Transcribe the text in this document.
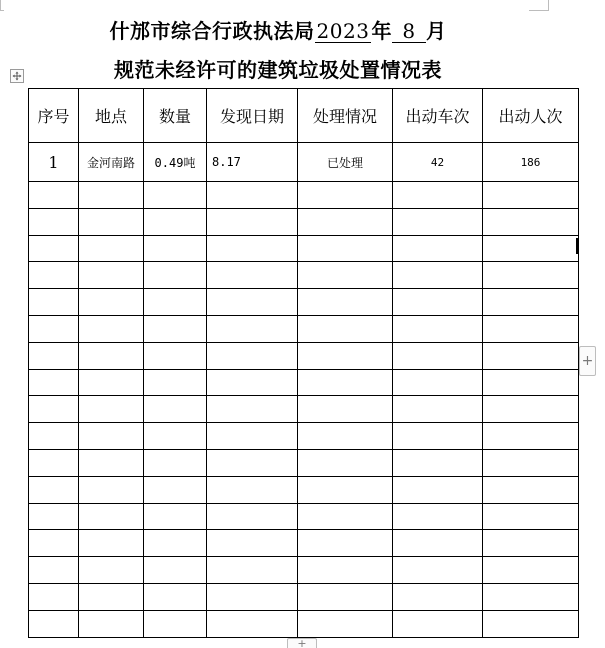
什邡市综合行政执法局 2023 年 8 月
规范未经许可的建筑垃圾处置情况表
序号	地点	数量	发现日期	处理情况	出动车次	出动人次
1	金河南路	0.49吨	8.17	已处理	42	186

+
+
